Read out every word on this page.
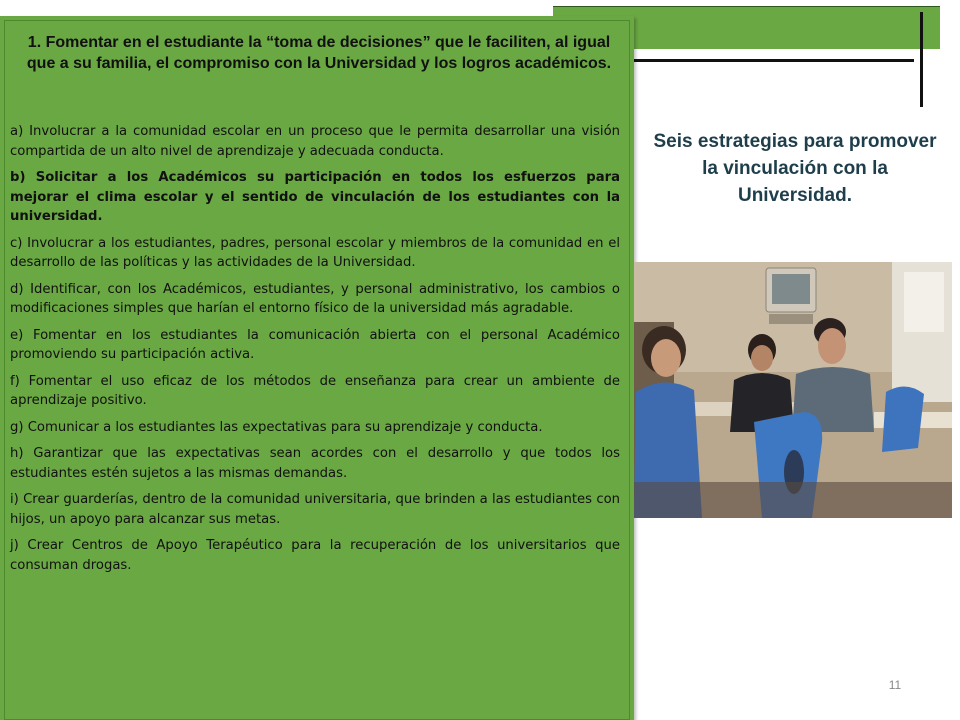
1. Fomentar en el estudiante la “toma de decisiones” que le faciliten, al igual que a su familia, el compromiso con la Universidad y los logros académicos.

a) Involucrar a la comunidad escolar en un proceso que le permita desarrollar una visión compartida de un alto nivel de aprendizaje y adecuada conducta.

b) Solicitar a los Académicos su participación en todos los esfuerzos para mejorar el clima escolar y el sentido de vinculación de los estudiantes con la universidad.

c) Involucrar a los estudiantes, padres, personal escolar y miembros de la comunidad en el desarrollo de las políticas y las actividades de la Universidad.

d) Identificar, con los Académicos, estudiantes, y personal administrativo, los cambios o modificaciones simples que harían el entorno físico de la universidad más agradable.

e) Fomentar en los estudiantes la comunicación abierta con el personal Académico promoviendo su participación activa.

f) Fomentar el uso eficaz de los métodos de enseñanza para crear un ambiente de aprendizaje positivo.

g) Comunicar a los estudiantes las expectativas para su aprendizaje y conducta.

h) Garantizar que las expectativas sean acordes con el desarrollo y que todos los estudiantes estén sujetos a las mismas demandas.

i) Crear guarderías, dentro de la comunidad universitaria, que brinden a las estudiantes con hijos, un apoyo para alcanzar sus metas.

j) Crear Centros de Apoyo Terapéutico para la recuperación de los universitarios que consuman drogas.

Seis estrategias para promover la vinculación con la Universidad.
11
